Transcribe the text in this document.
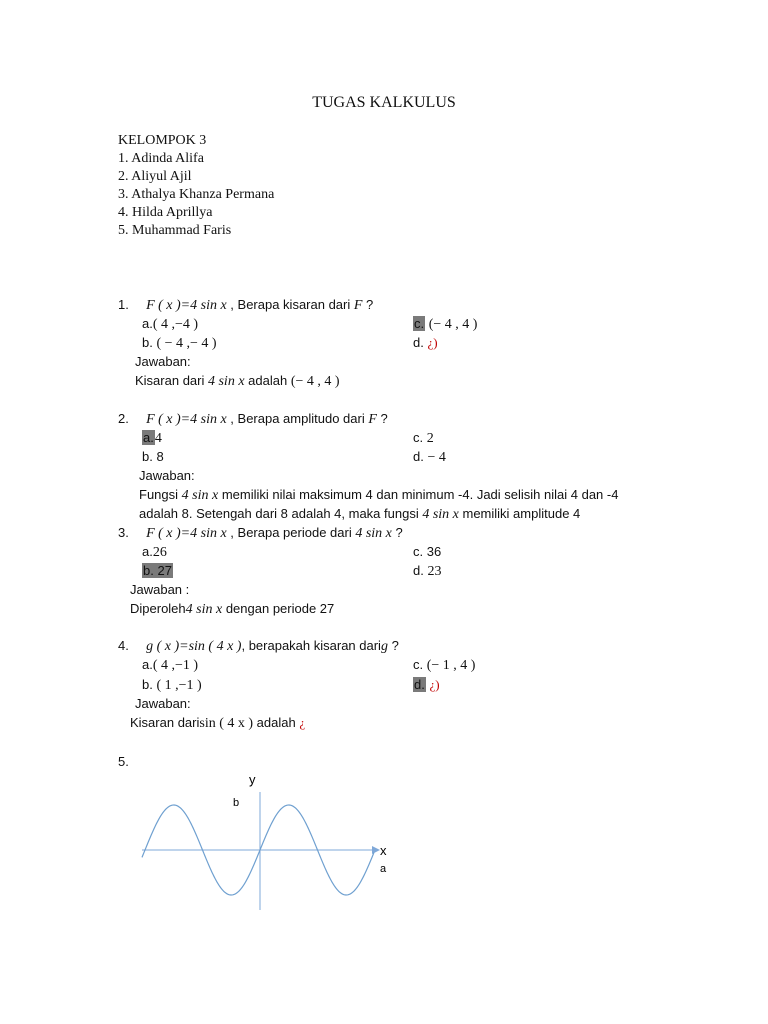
TUGAS KALKULUS
KELOMPOK 3
1. Adinda Alifa
2. Aliyul Ajil
3. Athalya Khanza Permana
4. Hilda Aprillya
5. Muhammad Faris
1. F ( x )=4 sin x , Berapa kisaran dari F ?
a.( 4 ,−4 )
b. ( − 4 ,− 4 )
c. (− 4 , 4 )
d. ¿)
Jawaban:
Kisaran dari 4 sin x adalah (− 4 , 4 )
2. F ( x )=4 sin x , Berapa amplitudo dari F ?
a.4
b. 8
c. 2
d. − 4
Jawaban:
Fungsi 4 sin x memiliki nilai maksimum 4 dan minimum -4. Jadi selisih nilai 4 dan -4
adalah 8. Setengah dari 8 adalah 4, maka fungsi 4 sin x memiliki amplitude 4
3. F ( x )=4 sin x , Berapa periode dari 4 sin x ?
a.26
b. 27
c. 36
d. 23
Jawaban :
Diperoleh4 sin x dengan periode 27
4. g ( x )=sin ( 4 x ), berapakah kisaran darig ?
a.( 4 ,−1 )
b. ( 1 ,−1 )
c. (− 1 , 4 )
d. ¿)
Jawaban:
Kisaran darisin ( 4 x ) adalah ¿
5.
y
b
x
a
